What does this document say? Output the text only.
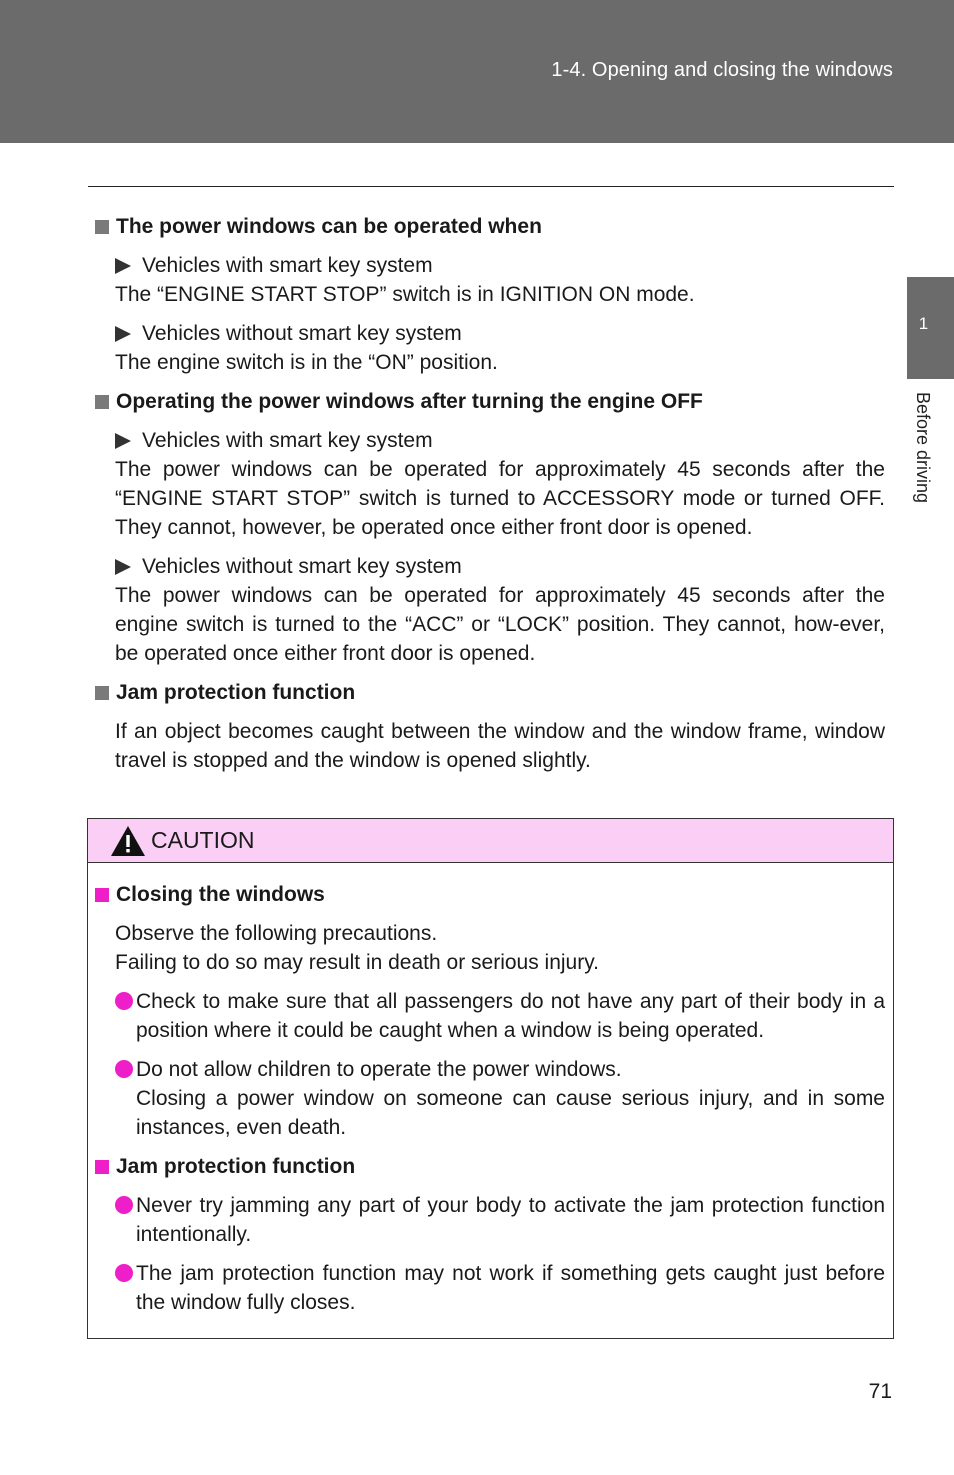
1-4. Opening and closing the windows
1
Before driving
The power windows can be operated when
Vehicles with smart key system

The “ENGINE START STOP” switch is in IGNITION ON mode.

Vehicles without smart key system

The engine switch is in the “ON” position.

Operating the power windows after turning the engine OFF
Vehicles with smart key system

The power windows can be operated for approximately 45 seconds after the “ENGINE START STOP” switch is turned to ACCESSORY mode or turned OFF. They cannot, however, be operated once either front door is opened.

Vehicles without smart key system

The power windows can be operated for approximately 45 seconds after the engine switch is turned to the “ACC” or “LOCK” position. They cannot, how-ever, be operated once either front door is opened.

Jam protection function

If an object becomes caught between the window and the window frame, window travel is stopped and the window is opened slightly.

CAUTION
Closing the windows

Observe the following precautions.

Failing to do so may result in death or serious injury.

Check to make sure that all passengers do not have any part of their body in a position where it could be caught when a window is being operated.
Do not allow children to operate the power windows.
Closing a power window on someone can cause serious injury, and in some instances, even death.
Jam protection function
Never try jamming any part of your body to activate the jam protection function intentionally.
The jam protection function may not work if something gets caught just before the window fully closes.
71
